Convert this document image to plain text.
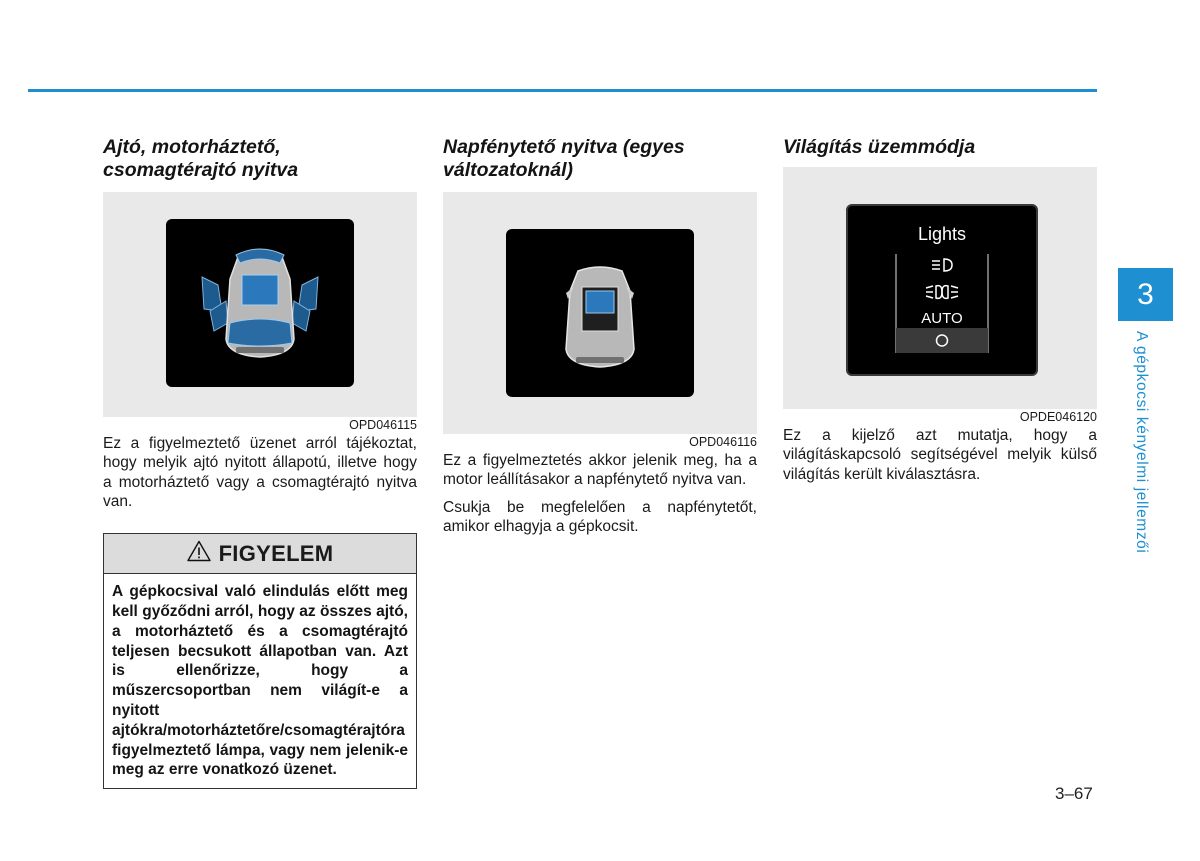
Ajtó, motorháztető,
csomagtérajtó nyitva
OPD046115

Ez a figyelmeztető üzenet arról tájékoztat, hogy melyik ajtó nyitott állapotú, illetve hogy a motorháztető vagy a csomagtérajtó nyitva van.

FIGYELEM
A gépkocsival való elindulás előtt meg kell győződni arról, hogy az összes ajtó, a motorháztető és a csomagtérajtó teljesen becsukott állapotban van. Azt is ellenőrizze, hogy a műszercsoportban nem világít-e a nyitott ajtókra/motorháztetőre/csomagtérajtóra figyelmeztető lámpa, vagy nem jelenik-e meg az erre vonatkozó üzenet.
Napfénytető nyitva (egyes
változatoknál)
OPD046116

Ez a figyelmeztetés akkor jelenik meg, ha a motor leállításakor a napfénytető nyitva van.

Csukja be megfelelően a napfénytetőt, amikor elhagyja a gépkocsit.

Világítás üzemmódja
Lights
AUTO
OPDE046120

Ez a kijelző azt mutatja, hogy a világításkapcsoló segítségével melyik külső világítás került kiválasztásra.

3
A gépkocsi kényelmi jellemzői
3–67
